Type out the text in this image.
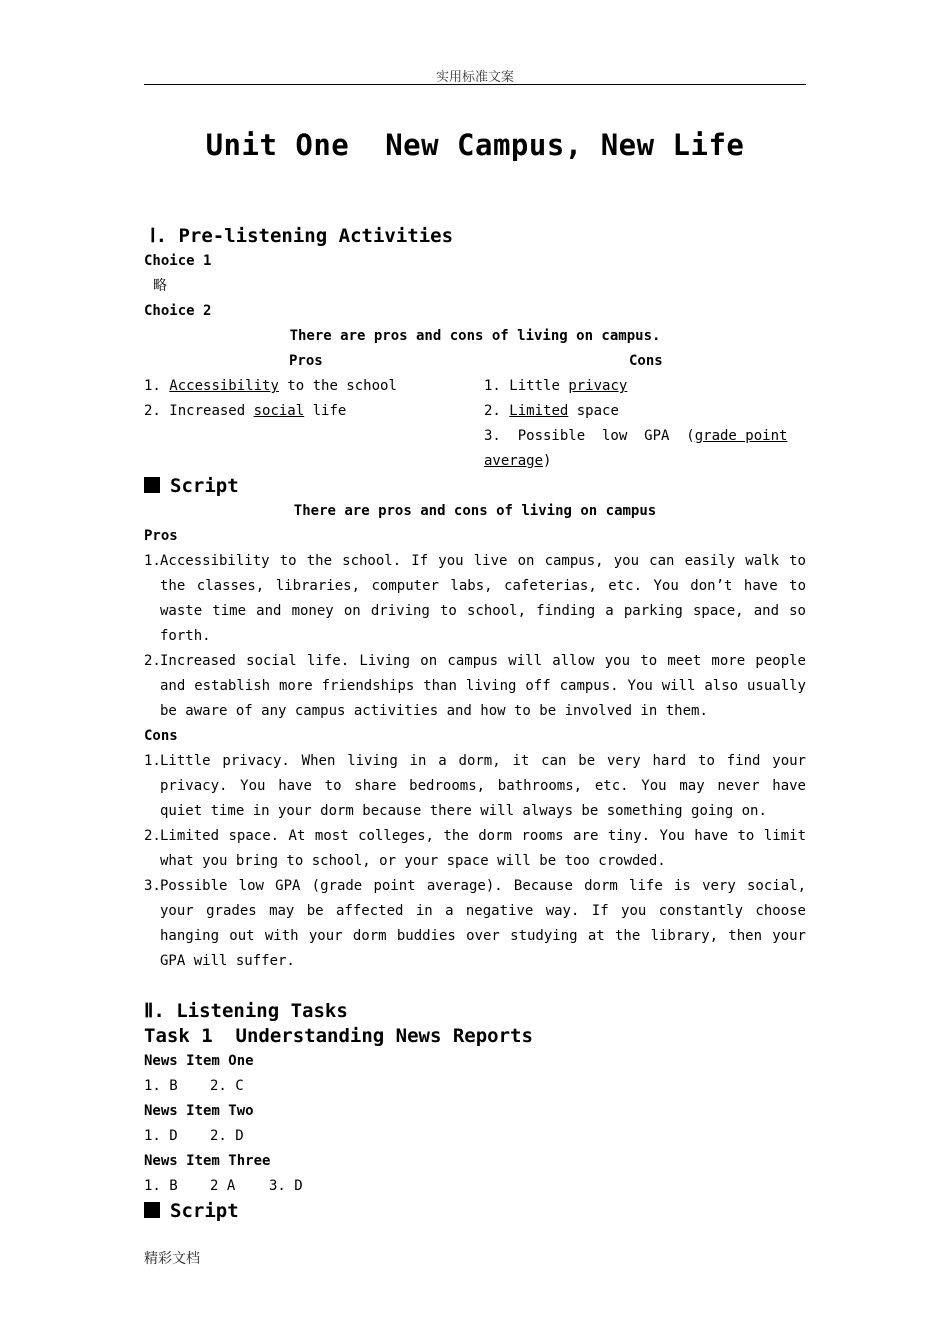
实用标准文案
Unit One  New Campus, New Life
Ⅰ. Pre-listening Activities
Choice 1
略
Choice 2
There are pros and cons of living on campus.
Pros
1. Accessibility to the school
2. Increased social life
Cons
1. Little privacy
2. Limited space
3.  Possible  low  GPA  (grade point
average)
Script
There are pros and cons of living on campus
Pros
1. Accessibility to the school. If you live on campus, you can easily walk to the classes, libraries, computer labs, cafeterias, etc. You don’t have to waste time and money on driving to school, finding a parking space, and so forth.
2. Increased social life. Living on campus will allow you to meet more people and establish more friendships than living off campus. You will also usually be aware of any campus activities and how to be involved in them.
Cons
1. Little privacy. When living in a dorm, it can be very hard to find your privacy. You have to share bedrooms, bathrooms, etc. You may never have quiet time in your dorm because there will always be something going on.
2. Limited space. At most colleges, the dorm rooms are tiny. You have to limit what you bring to school, or your space will be too crowded.
3. Possible low GPA (grade point average). Because dorm life is very social, your grades may be affected in a negative way. If you constantly choose hanging out with your dorm buddies over studying at the library, then your GPA will suffer.
Ⅱ. Listening Tasks
Task 1  Understanding News Reports
News Item One
1. B 2. C
News Item Two
1. D 2. D
News Item Three
1. B 2 A 3. D
Script
精彩文档
